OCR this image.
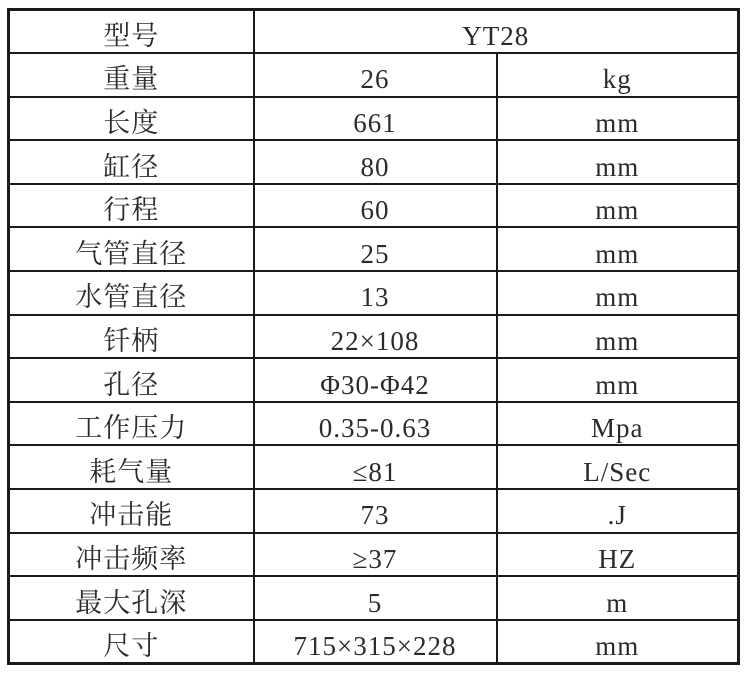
型号	YT28	
重量	26	kg
长度	661	mm
缸径	80	mm
行程	60	mm
气管直径	25	mm
水管直径	13	mm
钎柄	22×108	mm
孔径	Φ30-Φ42	mm
工作压力	0.35-0.63	Mpa
耗气量	≤81	L/Sec
冲击能	73	.J
冲击频率	≥37	HZ
最大孔深	5	m
尺寸	715×315×228	mm
